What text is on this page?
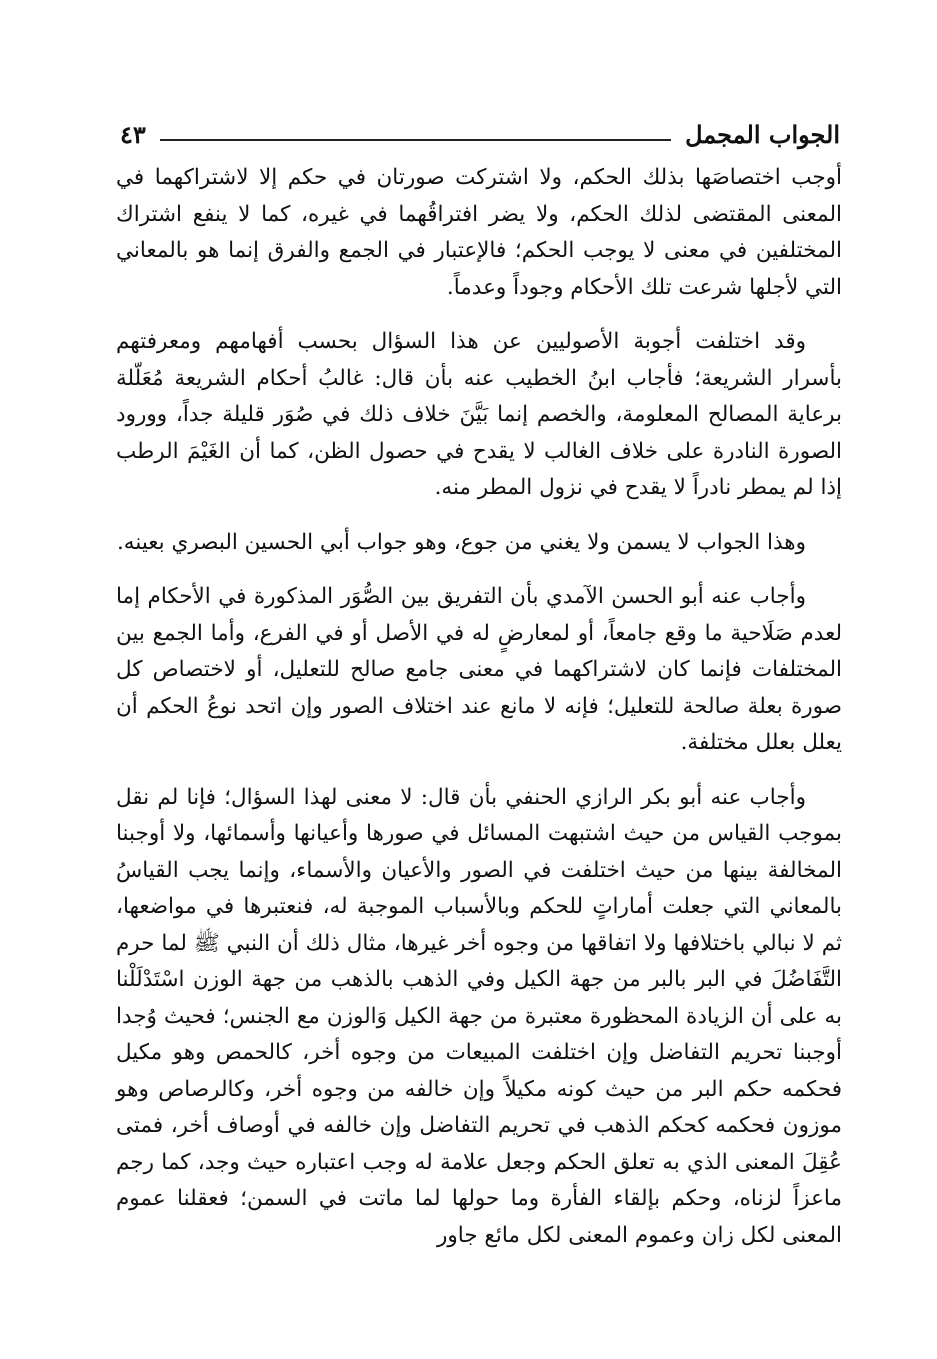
الجواب المجمل
٤٣

أوجب اختصاصَها بذلك الحكم، ولا اشتركت صورتان في حكم إلا لاشتراكهما في المعنى المقتضى لذلك الحكم، ولا يضر افتراقُهما في غيره، كما لا ينفع اشتراك المختلفين في معنى لا يوجب الحكم؛ فالإعتبار في الجمع والفرق إنما هو بالمعاني التي لأجلها شرعت تلك الأحكام وجوداً وعدماً.

وقد اختلفت أجوبة الأصوليين عن هذا السؤال بحسب أفهامهم ومعرفتهم بأسرار الشريعة؛ فأجاب ابنُ الخطيب عنه بأن قال: غالبُ أحكام الشريعة مُعَلّلة برعاية المصالح المعلومة، والخصم إنما بَيَّنَ خلاف ذلك في صُوَر قليلة جداً، وورود الصورة النادرة على خلاف الغالب لا يقدح في حصول الظن، كما أن الغَيْمَ الرطب إذا لم يمطر نادراً لا يقدح في نزول المطر منه.

وهذا الجواب لا يسمن ولا يغني من جوع، وهو جواب أبي الحسين البصري بعينه.

وأجاب عنه أبو الحسن الآمدي بأن التفريق بين الصُّوَر المذكورة في الأحكام إما لعدم صَلَاحية ما وقع جامعاً، أو لمعارضٍ له في الأصل أو في الفرع، وأما الجمع بين المختلفات فإنما كان لاشتراكهما في معنى جامع صالح للتعليل، أو لاختصاص كل صورة بعلة صالحة للتعليل؛ فإنه لا مانع عند اختلاف الصور وإن اتحد نوعُ الحكم أن يعلل بعلل مختلفة.

وأجاب عنه أبو بكر الرازي الحنفي بأن قال: لا معنى لهذا السؤال؛ فإنا لم نقل بموجب القياس من حيث اشتبهت المسائل في صورها وأعيانها وأسمائها، ولا أوجبنا المخالفة بينها من حيث اختلفت في الصور والأعيان والأسماء، وإنما يجب القياسُ بالمعاني التي جعلت أماراتٍ للحكم وبالأسباب الموجبة له، فنعتبرها في مواضعها، ثم لا نبالي باختلافها ولا اتفاقها من وجوه أخر غيرها، مثال ذلك أن النبي ﷺ لما حرم التَّفَاضُلَ في البر بالبر من جهة الكيل وفي الذهب بالذهب من جهة الوزن اسْتَدْلَلْنا به على أن الزيادة المحظورة معتبرة من جهة الكيل وَالوزن مع الجنس؛ فحيث وُجدا أوجبنا تحريم التفاضل وإن اختلفت المبيعات من وجوه أخر، كالحمص وهو مكيل فحكمه حكم البر من حيث كونه مكيلاً وإن خالفه من وجوه أخر، وكالرصاص وهو موزون فحكمه كحكم الذهب في تحريم التفاضل وإن خالفه في أوصاف أخر، فمتى عُقِلَ المعنى الذي به تعلق الحكم وجعل علامة له وجب اعتباره حيث وجد، كما رجم ماعزاً لزناه، وحكم بإلقاء الفأرة وما حولها لما ماتت في السمن؛ فعقلنا عموم المعنى لكل زان وعموم المعنى لكل مائع جاور
